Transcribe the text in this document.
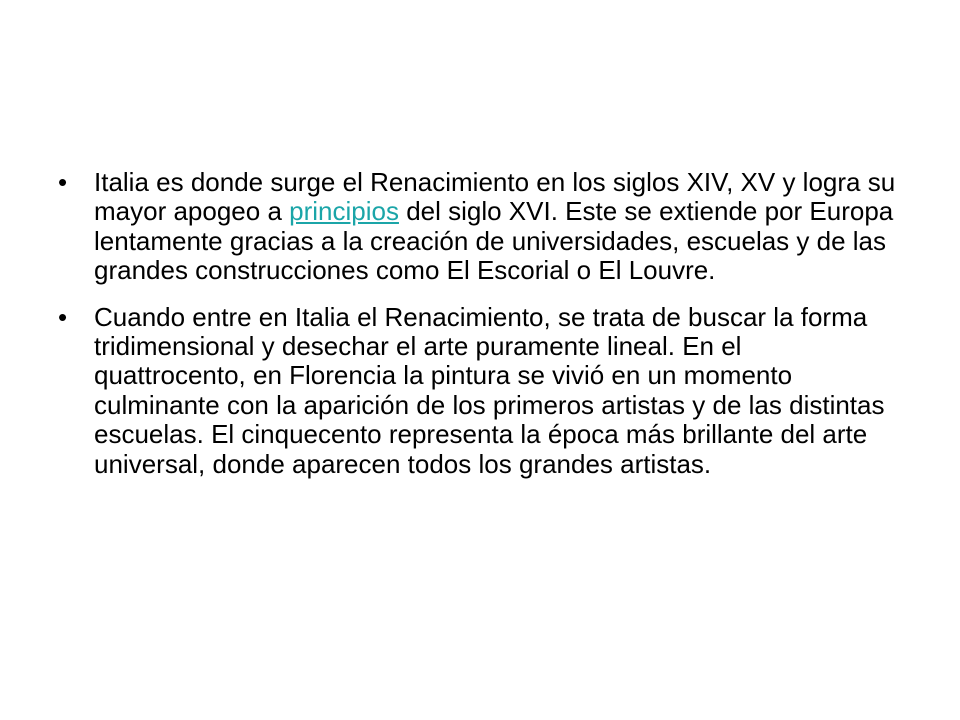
•	Italia es donde surge el Renacimiento en los siglos XIV, XV y logra su mayor apogeo a principios del siglo XVI. Este se extiende por Europa lentamente gracias a la creación de universidades, escuelas y de las grandes construcciones como El Escorial o El Louvre.
•	Cuando entre en Italia el Renacimiento, se trata de buscar la forma tridimensional y desechar el arte puramente lineal. En el quattrocento, en Florencia la pintura se vivió en un momento culminante con la aparición de los primeros artistas y de las distintas escuelas. El cinquecento representa la época más brillante del arte universal, donde aparecen todos los grandes artistas.
